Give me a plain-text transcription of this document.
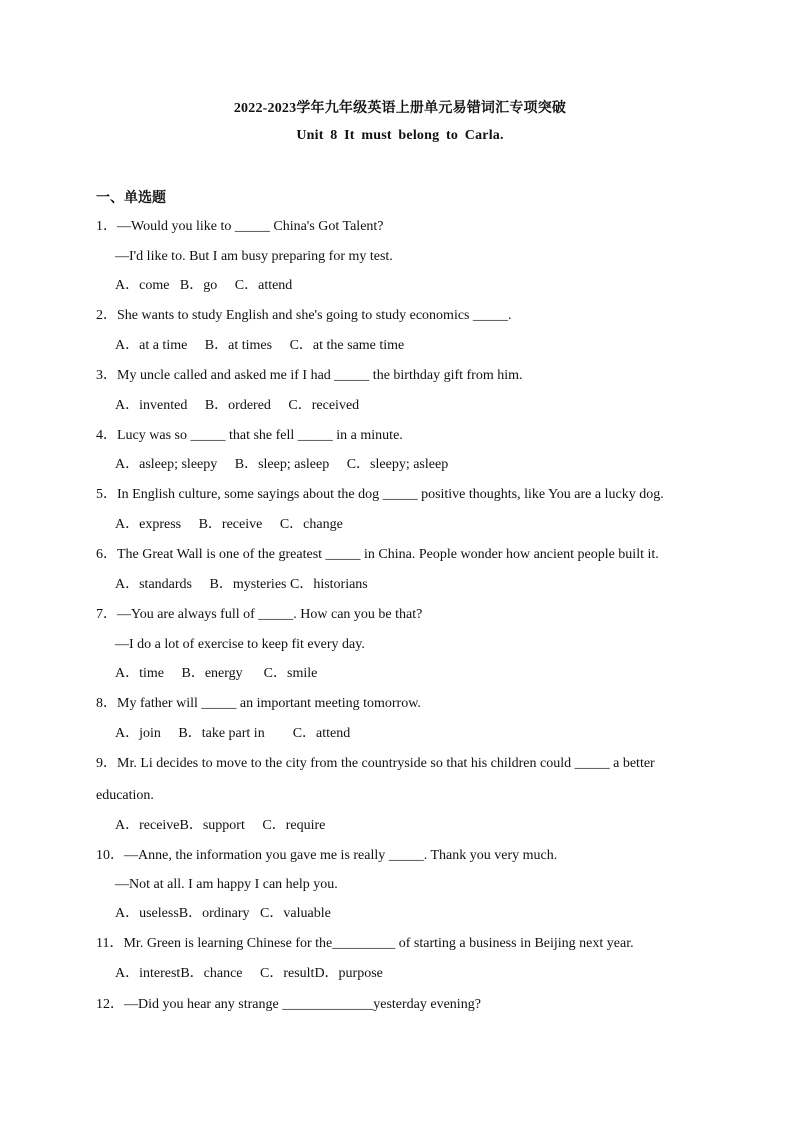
2022-2023学年九年级英语上册单元易错词汇专项突破
Unit 8 It must belong to Carla.
一、单选题
1．—Would you like to _____ China's Got Talent?
—I'd like to. But I am busy preparing for my test.
A．come   B．go     C．attend
2．She wants to study English and she's going to study economics _____.
A．at a time     B．at times     C．at the same time
3．My uncle called and asked me if I had _____ the birthday gift from him.
A．invented     B．ordered     C．received
4．Lucy was so _____ that she fell _____ in a minute.
A．asleep; sleepy     B．sleep; asleep     C．sleepy; asleep
5．In English culture, some sayings about the dog _____ positive thoughts, like You are a lucky dog.
A．express     B．receive     C．change
6．The Great Wall is one of the greatest _____ in China. People wonder how ancient people built it.
A．standards     B．mysteries C．historians
7．—You are always full of _____. How can you be that?
—I do a lot of exercise to keep fit every day.
A．time     B．energy      C．smile
8．My father will _____ an important meeting tomorrow.
A．join     B．take part in        C．attend
9．Mr. Li decides to move to the city from the countryside so that his children could _____ a better
education.
A．receiveB．support     C．require
10．—Anne, the information you gave me is really _____. Thank you very much.
—Not at all. I am happy I can help you.
A．uselessB．ordinary   C．valuable
11．Mr. Green is learning Chinese for the_________ of starting a business in Beijing next year.
A．interestB．chance     C．resultD．purpose
12．—Did you hear any strange _____________yesterday evening?
